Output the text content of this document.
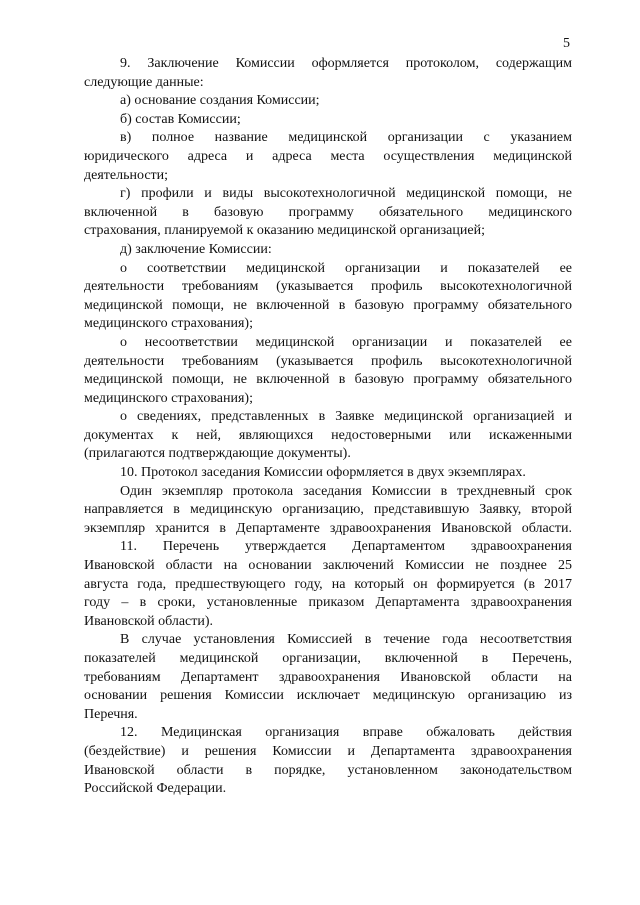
5
9. Заключение Комиссии оформляется протоколом, содержащим
следующие данные:
а) основание создания Комиссии;
б) состав Комиссии;
в) полное название медицинской организации с указанием
юридического адреса и адреса места осуществления медицинской
деятельности;
г) профили и виды высокотехнологичной медицинской помощи, не
включенной в базовую программу обязательного медицинского
страхования, планируемой к оказанию медицинской организацией;
д) заключение Комиссии:
о соответствии медицинской организации и показателей ее
деятельности требованиям (указывается профиль высокотехнологичной
медицинской помощи, не включенной в базовую программу обязательного
медицинского страхования);
о несоответствии медицинской организации и показателей ее
деятельности требованиям (указывается профиль высокотехнологичной
медицинской помощи, не включенной в базовую программу обязательного
медицинского страхования);
о сведениях, представленных в Заявке медицинской организацией и
документах к ней, являющихся недостоверными или искаженными
(прилагаются подтверждающие документы).
10. Протокол заседания Комиссии оформляется в двух экземплярах.
Один экземпляр протокола заседания Комиссии в трехдневный срок
направляется в медицинскую организацию, представившую Заявку, второй
экземпляр хранится в Департаменте здравоохранения Ивановской области.
11. Перечень утверждается Департаментом здравоохранения
Ивановской области на основании заключений Комиссии не позднее 25
августа года, предшествующего году, на который он формируется (в 2017
году – в сроки, установленные приказом Департамента здравоохранения
Ивановской области).
В случае установления Комиссией в течение года несоответствия
показателей медицинской организации, включенной в Перечень,
требованиям Департамент здравоохранения Ивановской области на
основании решения Комиссии исключает медицинскую организацию из
Перечня.
12. Медицинская организация вправе обжаловать действия
(бездействие) и решения Комиссии и Департамента здравоохранения
Ивановской области в порядке, установленном законодательством
Российской Федерации.
